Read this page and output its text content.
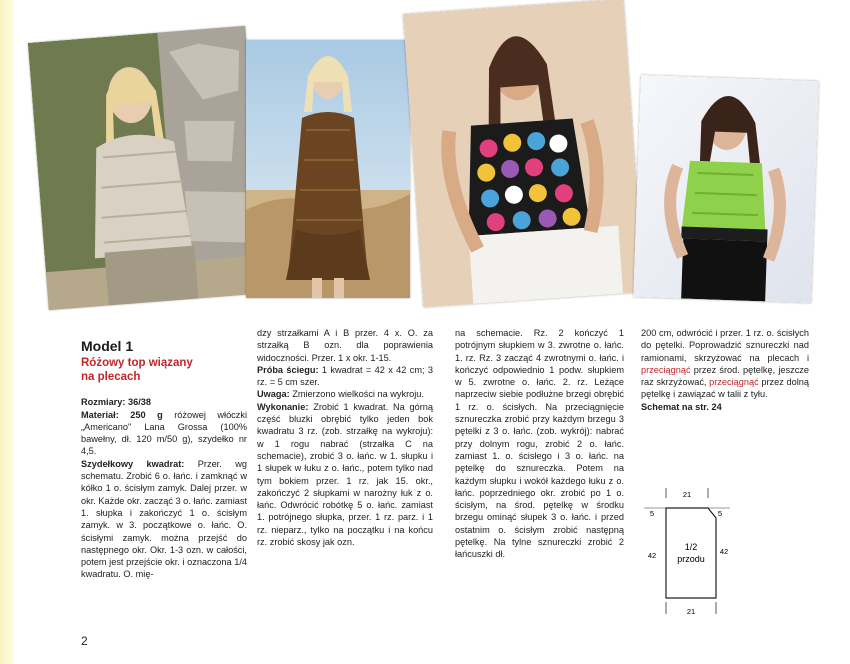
Model 1
Różowy top wiązany
na plecach

Rozmiary: 36/38

Materiał: 250 g różowej włóczki „Americano" Lana Grossa (100% bawełny, dł. 120 m/50 g), szydełko nr 4,5.

Szydełkowy kwadrat: Przer. wg schematu. Zrobić 6 o. łańc. i zamknąć w kółko 1 o. ścisłym zamyk. Dalej przer. w okr. Każde okr. zacząć 3 o. łańc. zamiast 1. słupka i zakończyć 1 o. ścisłym zamyk. w 3. początkowe o. łańc. O. ścisłymi zamyk. można przejść do następnego okr. Okr. 1-3 ozn. w całości, potem jest przejście okr. i oznaczona 1/4 kwadratu. O. mię-

dzy strzałkami A i B przer. 4 x. O. za strzałką B ozn. dla poprawienia widoczności. Przer. 1 x okr. 1-15.

Próba ściegu: 1 kwadrat = 42 x 42 cm; 3 rz. = 5 cm szer.

Uwaga: Zmierzono wielkości na wykroju.

Wykonanie: Zrobić 1 kwadrat. Na górną część bluzki obrębić tylko jeden bok kwadratu 3 rz. (zob. strzałkę na wykroju): w 1 rogu nabrać (strzałka C na schemacie), zrobić 3 o. łańc. w 1. słupku i 1 słupek w łuku z o. łańc., potem tylko nad tym bokiem przer. 1 rz. jak 15. okr., zakończyć 2 słupkami w narożny łuk z o. łańc. Odwrócić robótkę 5 o. łańc. zamiast 1. potrójnego słupka, przer. 1 rz. parz. i 1 rz. nieparz., tylko na początku i na końcu rz. zrobić skosy jak ozn.

na schemacie. Rz. 2 kończyć 1 potrójnym słupkiem w 3. zwrotne o. łańc. 1. rz. Rz. 3 zacząć 4 zwrotnymi o. łańc. i kończyć odpowiednio 1 podw. słupkiem w 5. zwrotne o. łańc. 2. rz. Leżące naprzeciw siebie podłużne brzegi obrębić 1 rz. o. ścisłych. Na przeciągnięcie sznureczka zrobić przy każdym brzegu 3 pętelki z 3 o. łańc. (zob. wykrój): nabrać przy dolnym rogu, zrobić 2 o. łańc. zamiast 1. o. ścisłego i 3 o. łańc. na pętelkę do sznureczka. Potem na każdym słupku i wokół każdego łuku z o. łańc. poprzedniego okr. zrobić po 1 o. ścisłym, na środ. pętelkę w środku brzegu ominąć słupek 3 o. łańc. i przed ostatnim o. ścisłym zrobić następną pętelkę. Na tylne sznureczki zrobić 2 łańcuszki dł.

200 cm, odwrócić i przer. 1 rz. o. ścisłych do pętelki. Poprowadzić sznureczki nad ramionami, skrzyżować na plecach i przeciągnąć przez środ. pętelkę, jeszcze raz skrzyżować, przeciągnąć przez dolną pętelkę i zawiązać w talii z tyłu.

Schemat na str. 24

21
5	5
42	42
1/2
przodu
21
2
